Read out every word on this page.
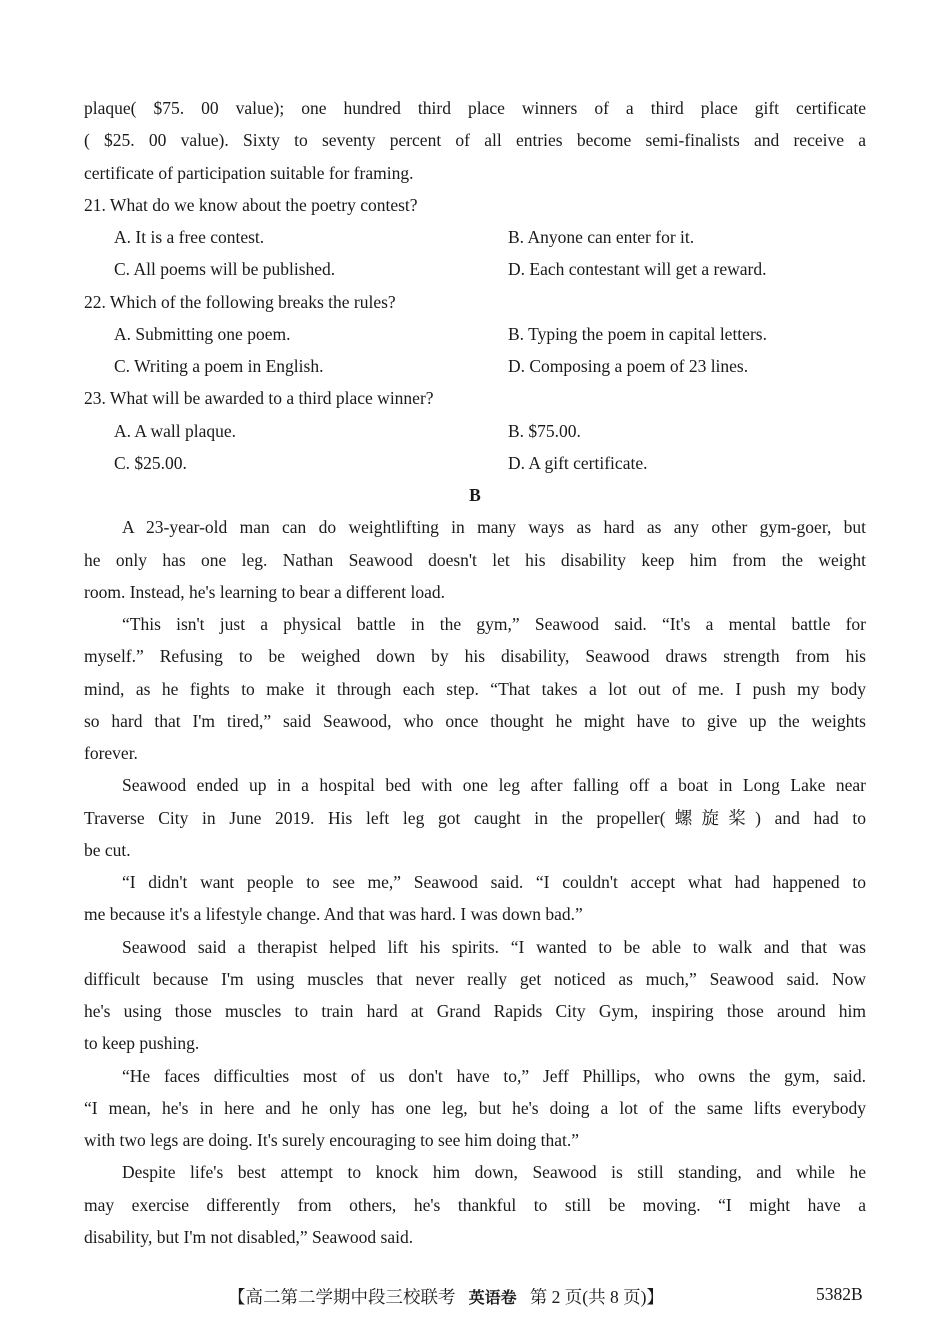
plaque( $75. 00 value); one hundred third place winners of a third place gift certificate
( $25. 00 value). Sixty to seventy percent of all entries become semi-finalists and receive a
certificate of participation suitable for framing.
21. What do we know about the poetry contest?
A. It is a free contest.	B. Anyone can enter for it.
C. All poems will be published.	D. Each contestant will get a reward.
22. Which of the following breaks the rules?
A. Submitting one poem.	B. Typing the poem in capital letters.
C. Writing a poem in English.	D. Composing a poem of 23 lines.
23. What will be awarded to a third place winner?
A. A wall plaque.	B. $75.00.
C. $25.00.	D. A gift certificate.
B
A 23-year-old man can do weightlifting in many ways as hard as any other gym-goer, but
he only has one leg. Nathan Seawood doesn't let his disability keep him from the weight
room. Instead, he's learning to bear a different load.
“This isn't just a physical battle in the gym,” Seawood said. “It's a mental battle for
myself.” Refusing to be weighed down by his disability, Seawood draws strength from his
mind, as he fights to make it through each step. “That takes a lot out of me. I push my body
so hard that I'm tired,” said Seawood, who once thought he might have to give up the weights
forever.
Seawood ended up in a hospital bed with one leg after falling off a boat in Long Lake near
Traverse City in June 2019. His left leg got caught in the propeller(螺旋桨) and had to
be cut.
“I didn't want people to see me,” Seawood said. “I couldn't accept what had happened to
me because it's a lifestyle change. And that was hard. I was down bad.”
Seawood said a therapist helped lift his spirits. “I wanted to be able to walk and that was
difficult because I'm using muscles that never really get noticed as much,” Seawood said. Now
he's using those muscles to train hard at Grand Rapids City Gym, inspiring those around him
to keep pushing.
“He faces difficulties most of us don't have to,” Jeff Phillips, who owns the gym, said.
“I mean, he's in here and he only has one leg, but he's doing a lot of the same lifts everybody
with two legs are doing. It's surely encouraging to see him doing that.”
Despite life's best attempt to knock him down, Seawood is still standing, and while he
may exercise differently from others, he's thankful to still be moving. “I might have a
disability, but I'm not disabled,” Seawood said.
【高二第二学期中段三校联考 英语卷 第 2 页(共 8 页)】	5382B
